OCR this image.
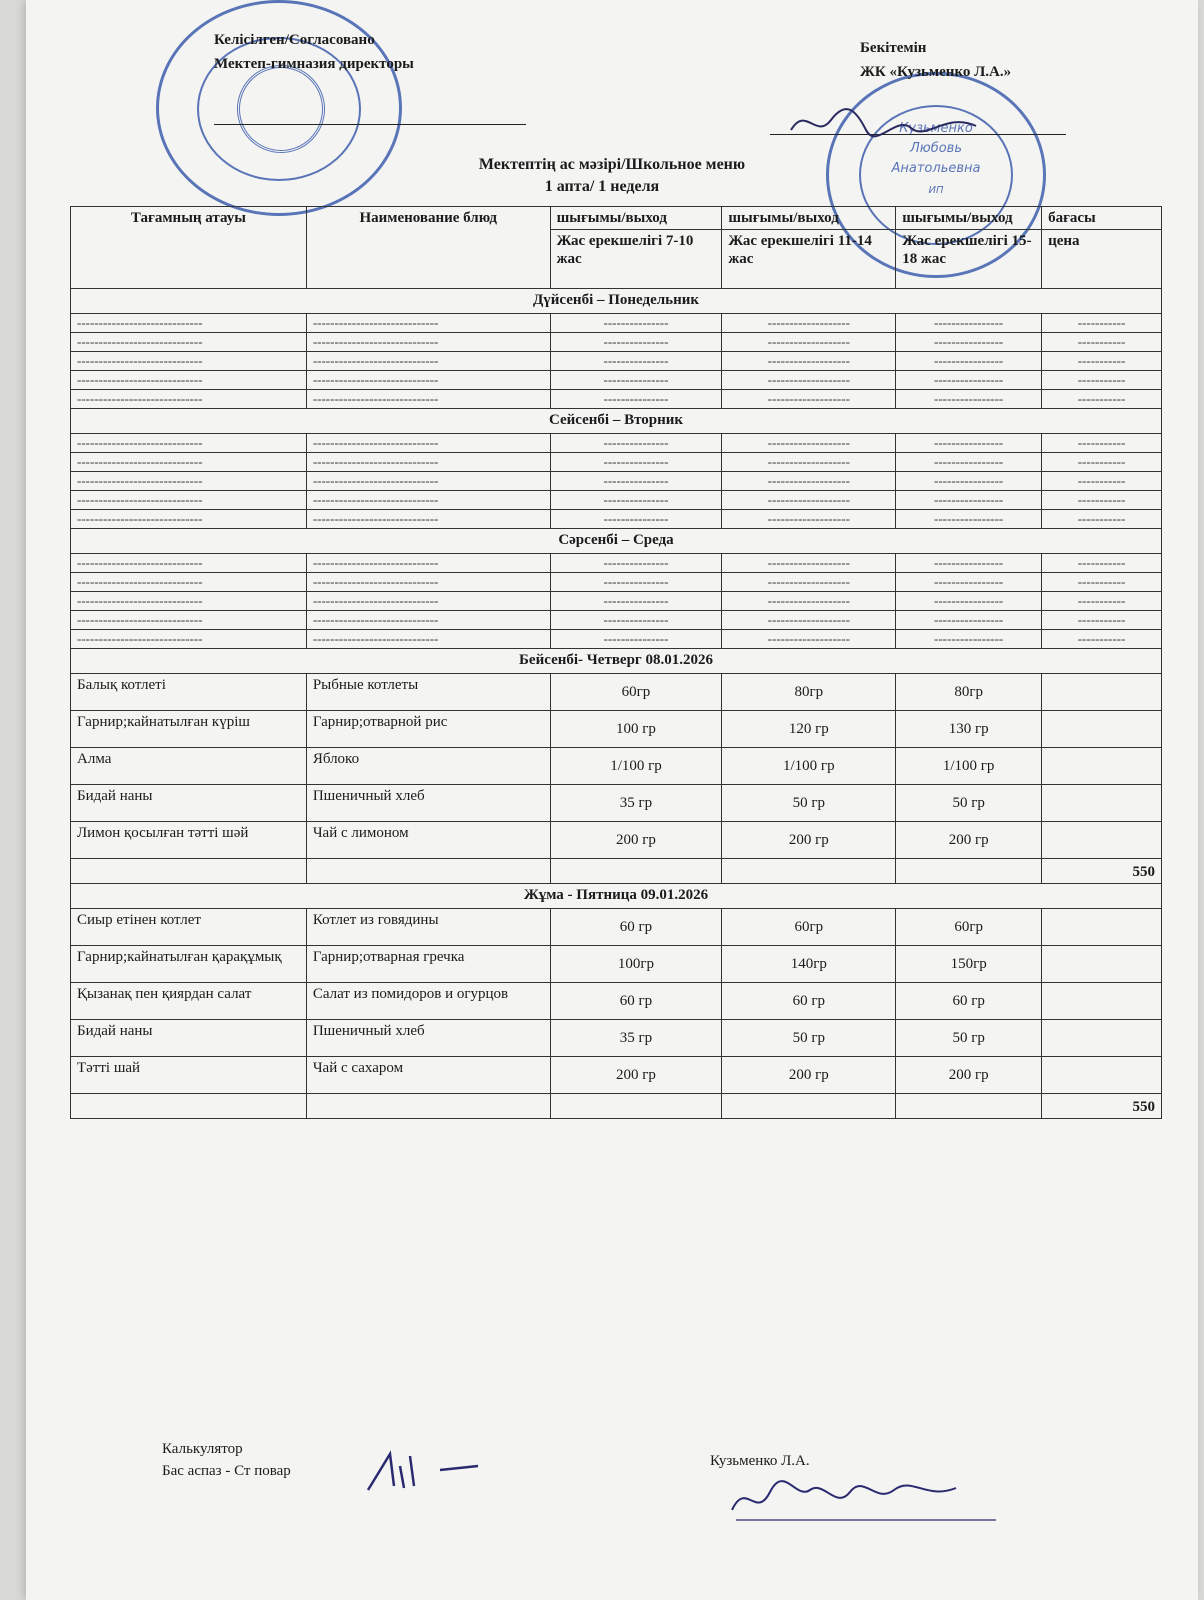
Кузьменко
Любовь
Анатольевна
ИП
Келісілген/Согласовано
Мектеп-гимназия директоры
Бекітемін
ЖК «Кузьменко Л.А.»
Мектептің ас мәзірі/Школьное меню
1 апта/ 1 неделя
Тағамның атауы	Наименование блюд	шығымы/выход	шығымы/выход	шығымы/выход	бағасы
		Жас ерекшелігі 7-10 жас	Жас ерекшелігі 11-14 жас	Жас ерекшелігі 15-18 жас	цена
Дүйсенбі – Понедельник					
-----------------------------	-----------------------------	---------------	-------------------	----------------	-----------
-----------------------------	-----------------------------	---------------	-------------------	----------------	-----------
-----------------------------	-----------------------------	---------------	-------------------	----------------	-----------
-----------------------------	-----------------------------	---------------	-------------------	----------------	-----------
-----------------------------	-----------------------------	---------------	-------------------	----------------	-----------
Сейсенбі – Вторник					
-----------------------------	-----------------------------	---------------	-------------------	----------------	-----------
-----------------------------	-----------------------------	---------------	-------------------	----------------	-----------
-----------------------------	-----------------------------	---------------	-------------------	----------------	-----------
-----------------------------	-----------------------------	---------------	-------------------	----------------	-----------
-----------------------------	-----------------------------	---------------	-------------------	----------------	-----------
Сәрсенбі – Среда					
-----------------------------	-----------------------------	---------------	-------------------	----------------	-----------
-----------------------------	-----------------------------	---------------	-------------------	----------------	-----------
-----------------------------	-----------------------------	---------------	-------------------	----------------	-----------
-----------------------------	-----------------------------	---------------	-------------------	----------------	-----------
-----------------------------	-----------------------------	---------------	-------------------	----------------	-----------
Бейсенбі- Четверг 08.01.2026					
Балық котлеті	Рыбные котлеты	60гр	80гр	80гр	
Гарнир;кайнатылған күріш	Гарнир;отварной рис	100 гр	120 гр	130 гр	
Алма	Яблоко	1/100 гр	1/100 гр	1/100 гр	
Бидай наны	Пшеничный хлеб	35 гр	50 гр	50 гр	
Лимон қосылған тәтті шәй	Чай с лимоном	200 гр	200 гр	200 гр	
					550
Жұма - Пятница 09.01.2026					
Сиыр етінен котлет	Котлет из говядины	60 гр	60гр	60гр	
Гарнир;кайнатылған қарақұмық	Гарнир;отварная гречка	100гр	140гр	150гр	
Қызанақ пен қиярдан салат	Салат из помидоров и огурцов	60 гр	60 гр	60 гр	
Бидай наны	Пшеничный хлеб	35 гр	50 гр	50 гр	
Тәтті шай	Чай с сахаром	200 гр	200 гр	200 гр	
					550
Калькулятор
Бас аспаз - Ст повар
Кузьменко Л.А.
